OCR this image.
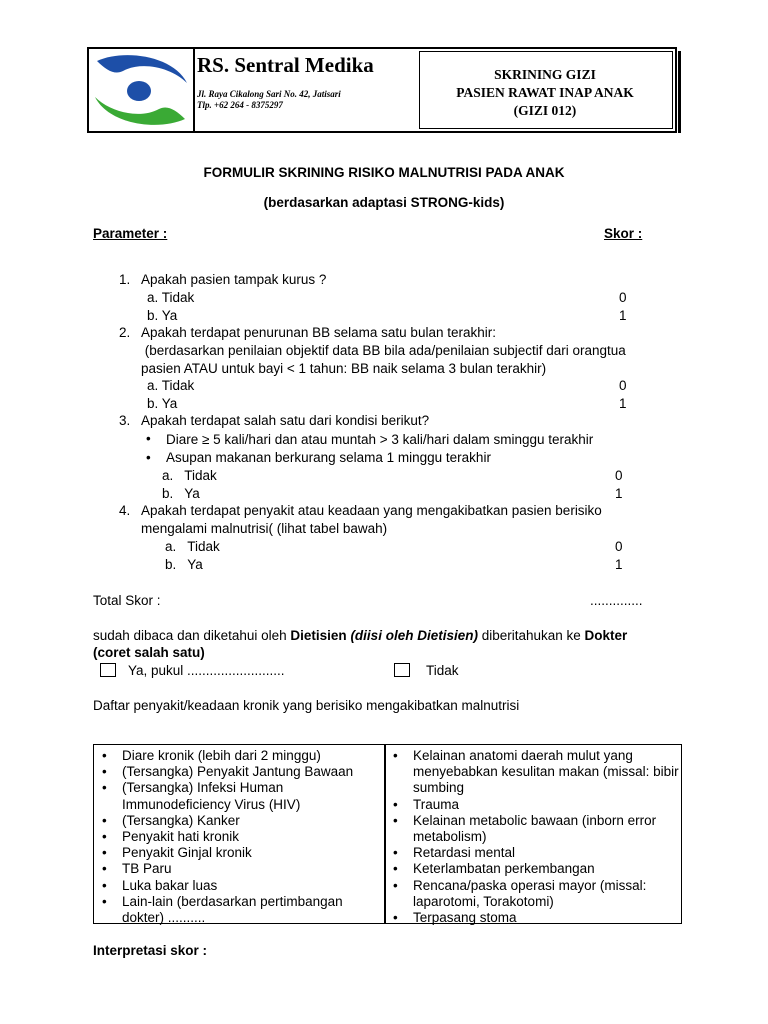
RS. Sentral Medika
Jl. Raya Cikalong Sari No. 42, Jatisari
Tlp. +62 264 - 8375297
SKRINING GIZI
PASIEN RAWAT INAP ANAK
(GIZI 012)
FORMULIR SKRINING RISIKO MALNUTRISI PADA ANAK
(berdasarkan adaptasi STRONG-kids)
Parameter :	Skor :
1. Apakah pasien tampak kurus ?
a. Tidak	0
b. Ya	1
2. Apakah terdapat penurunan BB selama satu bulan terakhir:
(berdasarkan penilaian objektif data BB bila ada/penilaian subjectif dari orangtua
pasien ATAU untuk bayi < 1 tahun: BB naik selama 3 bulan terakhir)
a. Tidak	0
b. Ya	1
3. Apakah terdapat salah satu dari kondisi berikut?
• Diare ≥ 5 kali/hari dan atau muntah > 3 kali/hari dalam sminggu terakhir
• Asupan makanan berkurang selama 1 minggu terakhir
a.   Tidak	0
b.   Ya	1
4. Apakah terdapat penyakit atau keadaan yang mengakibatkan pasien berisiko
mengalami malnutrisi( (lihat tabel bawah)
a.   Tidak	0
b.   Ya	1
Total Skor :	..............
sudah dibaca dan diketahui oleh Dietisien (diisi oleh Dietisien) diberitahukan ke Dokter
(coret salah satu)
Ya, pukul ..........................	Tidak
Daftar penyakit/keadaan kronik yang berisiko mengakibatkan malnutrisi
• Diare kronik (lebih dari 2 minggu)
• (Tersangka) Penyakit Jantung Bawaan
• (Tersangka) Infeksi Human Immunodeficiency Virus (HIV)
• (Tersangka) Kanker
• Penyakit hati kronik
• Penyakit Ginjal kronik
• TB Paru
• Luka bakar luas
• Lain-lain (berdasarkan pertimbangan dokter) ..........
• Kelainan anatomi daerah mulut yang menyebabkan kesulitan makan (missal: bibir sumbing
• Trauma
• Kelainan metabolic bawaan (inborn error metabolism)
• Retardasi mental
• Keterlambatan perkembangan
• Rencana/paska operasi mayor (missal: laparotomi, Torakotomi)
• Terpasang stoma
Interpretasi skor :
